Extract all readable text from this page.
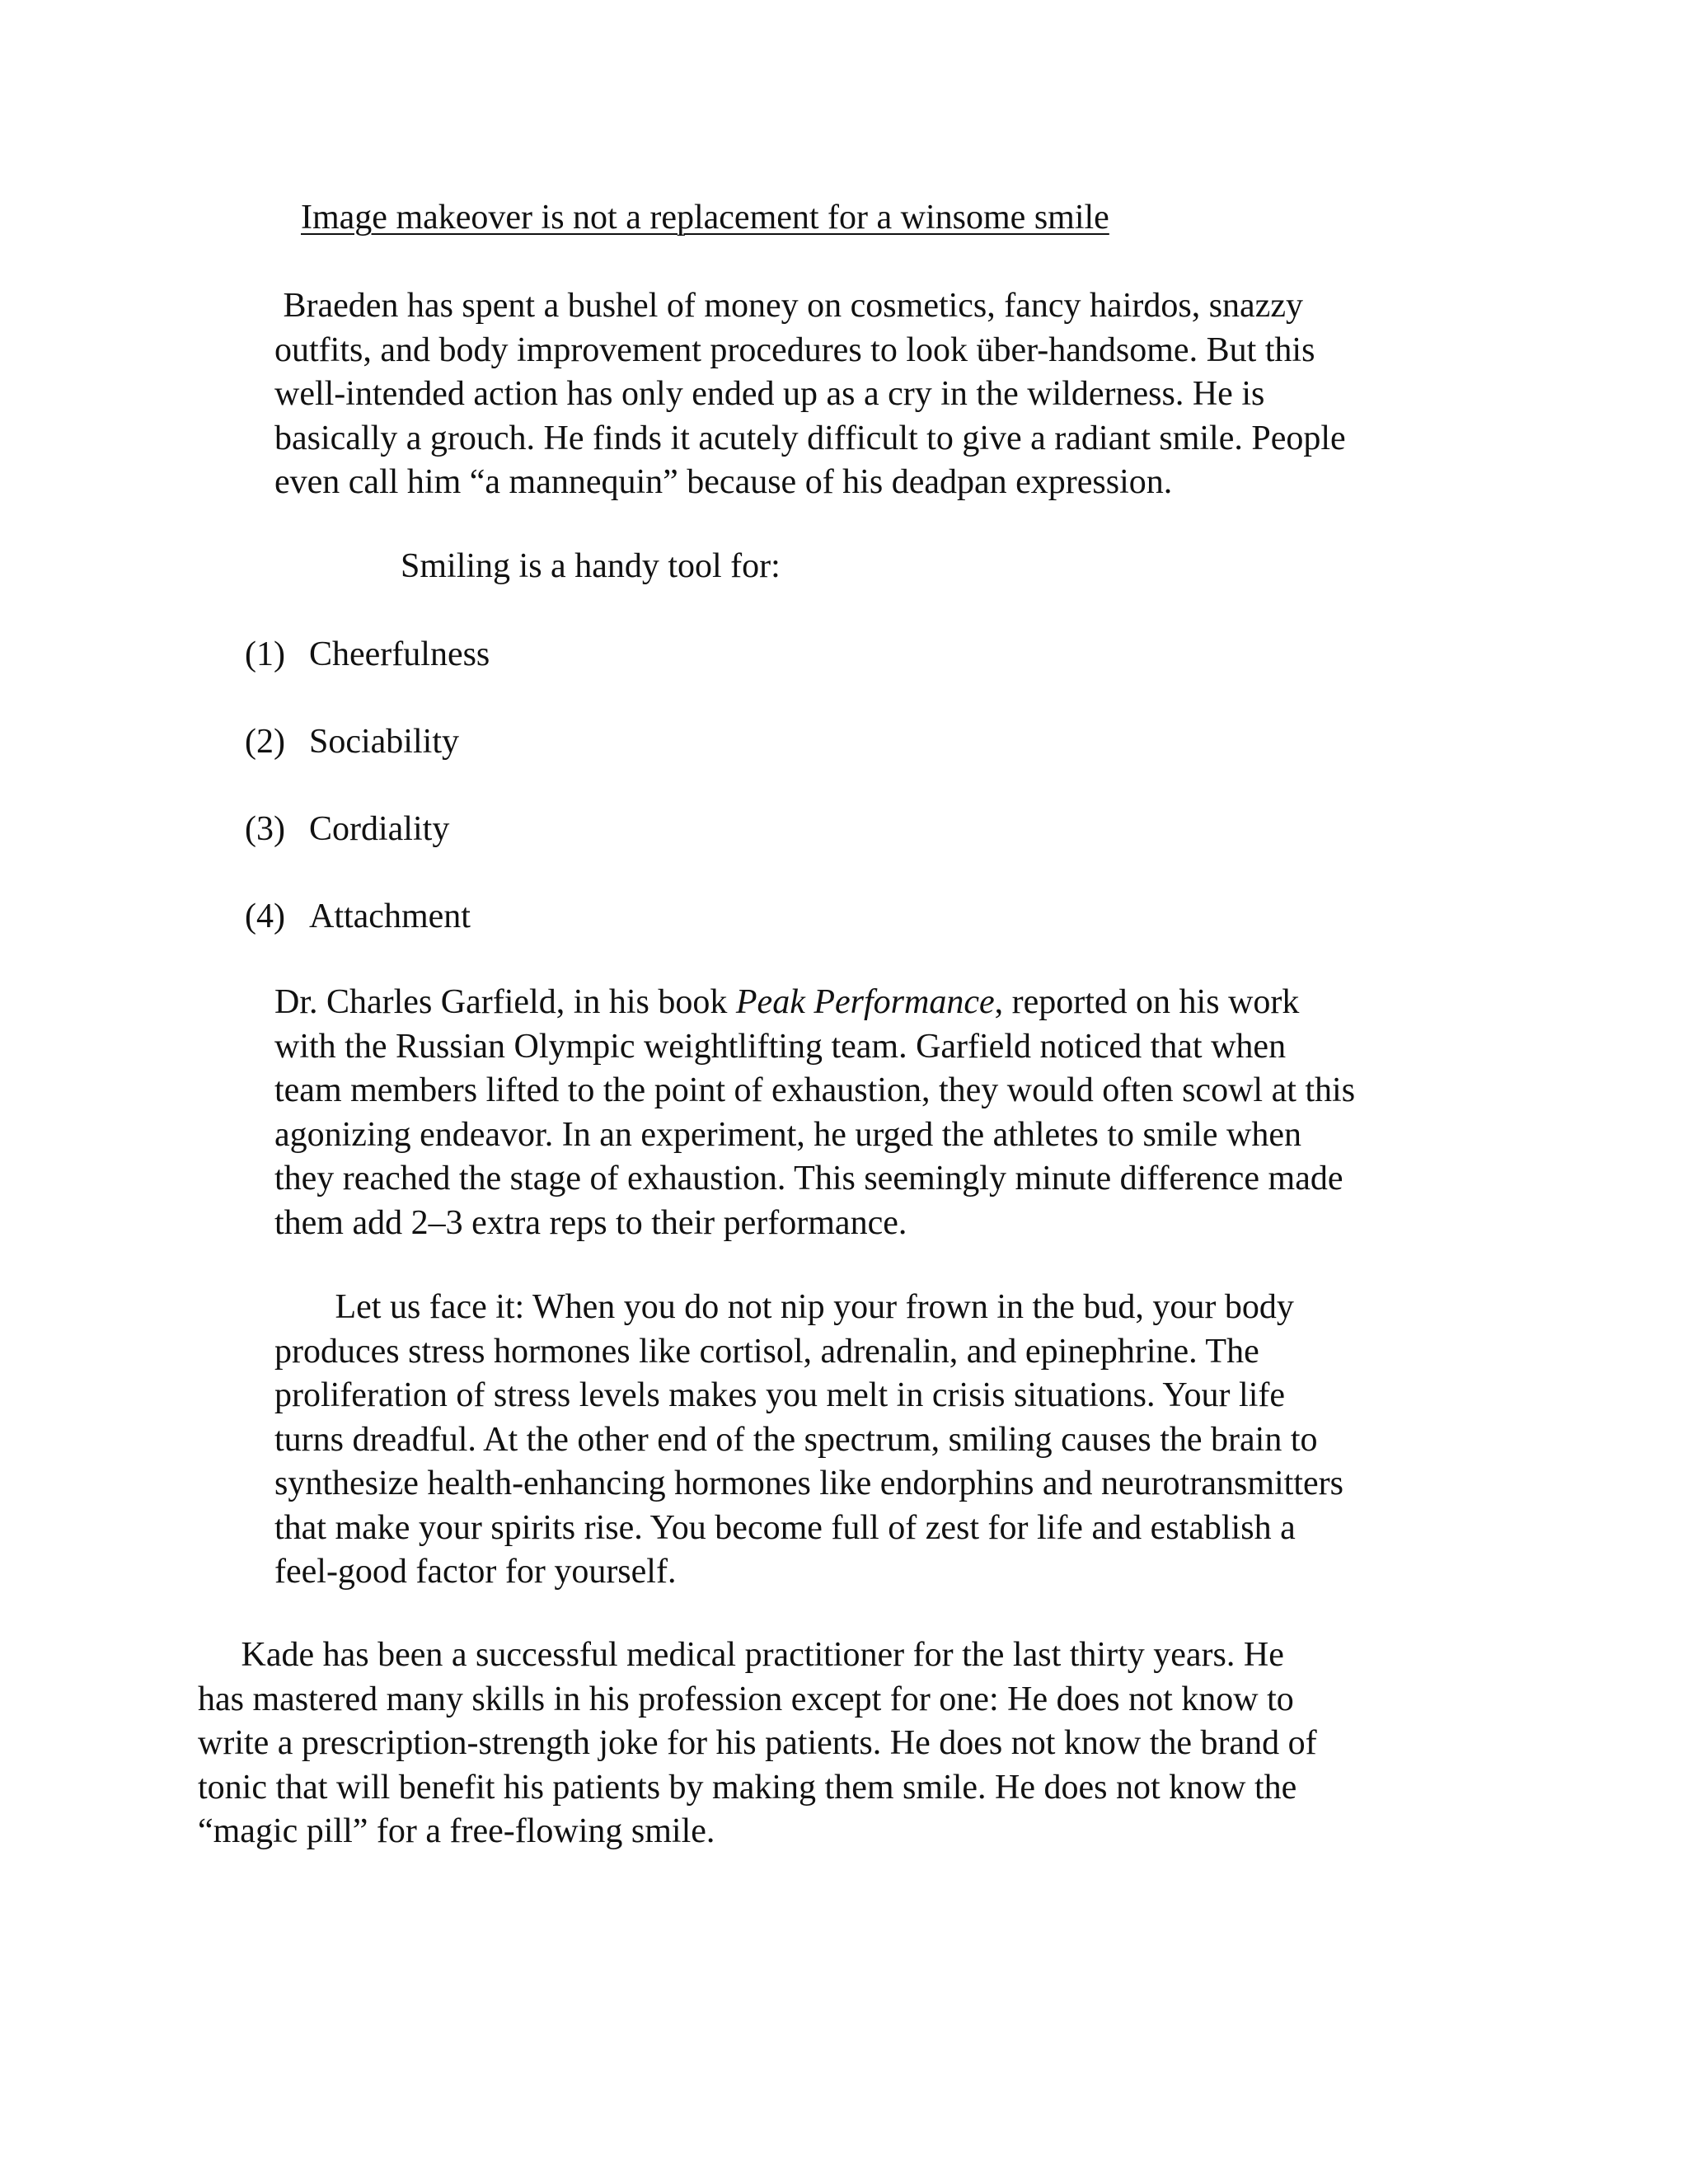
Image makeover is not a replacement for a winsome smile

Braeden has spent a bushel of money on cosmetics, fancy hairdos, snazzy
outfits, and body improvement procedures to look über-handsome. But this
well-intended action has only ended up as a cry in the wilderness. He is
basically a grouch. He finds it acutely difficult to give a radiant smile. People
even call him “a mannequin” because of his deadpan expression.

Smiling is a handy tool for:
(1) Cheerfulness
(2) Sociability
(3) Cordiality
(4) Attachment

Dr. Charles Garfield, in his book Peak Performance, reported on his work
with the Russian Olympic weightlifting team. Garfield noticed that when
team members lifted to the point of exhaustion, they would often scowl at this
agonizing endeavor. In an experiment, he urged the athletes to smile when
they reached the stage of exhaustion. This seemingly minute difference made
them add 2–3 extra reps to their performance.

Let us face it: When you do not nip your frown in the bud, your body
produces stress hormones like cortisol, adrenalin, and epinephrine. The
proliferation of stress levels makes you melt in crisis situations. Your life
turns dreadful. At the other end of the spectrum, smiling causes the brain to
synthesize health-enhancing hormones like endorphins and neurotransmitters
that make your spirits rise. You become full of zest for life and establish a
feel-good factor for yourself.

Kade has been a successful medical practitioner for the last thirty years. He
has mastered many skills in his profession except for one: He does not know to
write a prescription-strength joke for his patients. He does not know the brand of
tonic that will benefit his patients by making them smile. He does not know the
“magic pill” for a free-flowing smile.
